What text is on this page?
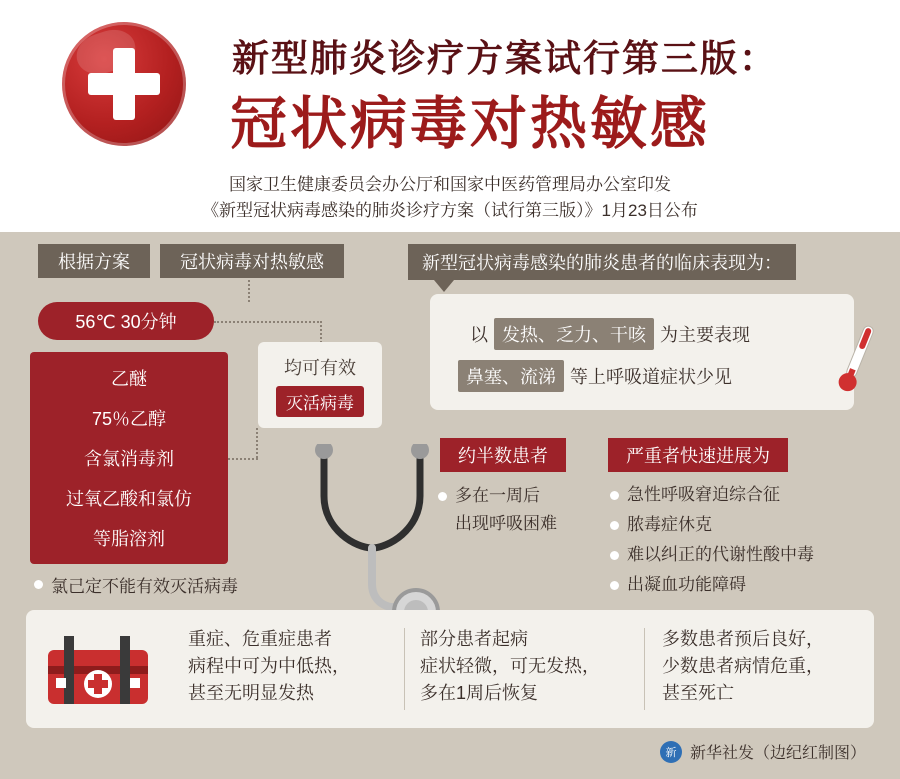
新型肺炎诊疗方案试行第三版：
冠状病毒对热敏感
国家卫生健康委员会办公厅和国家中医药管理局办公室印发
《新型冠状病毒感染的肺炎诊疗方案（试行第三版）》1月23日公布
根据方案	冠状病毒对热敏感
56℃ 30分钟
乙醚
75％乙醇
含氯消毒剂
过氧乙酸和氯仿
等脂溶剂
均可有效
灭活病毒
氯己定不能有效灭活病毒
新型冠状病毒感染的肺炎患者的临床表现为：
以 发热、乏力、干咳 为主要表现
鼻塞、流涕 等上呼吸道症状少见
约半数患者	严重者快速进展为
多在一周后
出现呼吸困难
急性呼吸窘迫综合征
脓毒症休克
难以纠正的代谢性酸中毒
出凝血功能障碍
重症、危重症患者
病程中可为中低热，
甚至无明显发热
部分患者起病
症状轻微，可无发热，
多在1周后恢复
多数患者预后良好，
少数患者病情危重，
甚至死亡
新 新华社发（边纪红制图）
